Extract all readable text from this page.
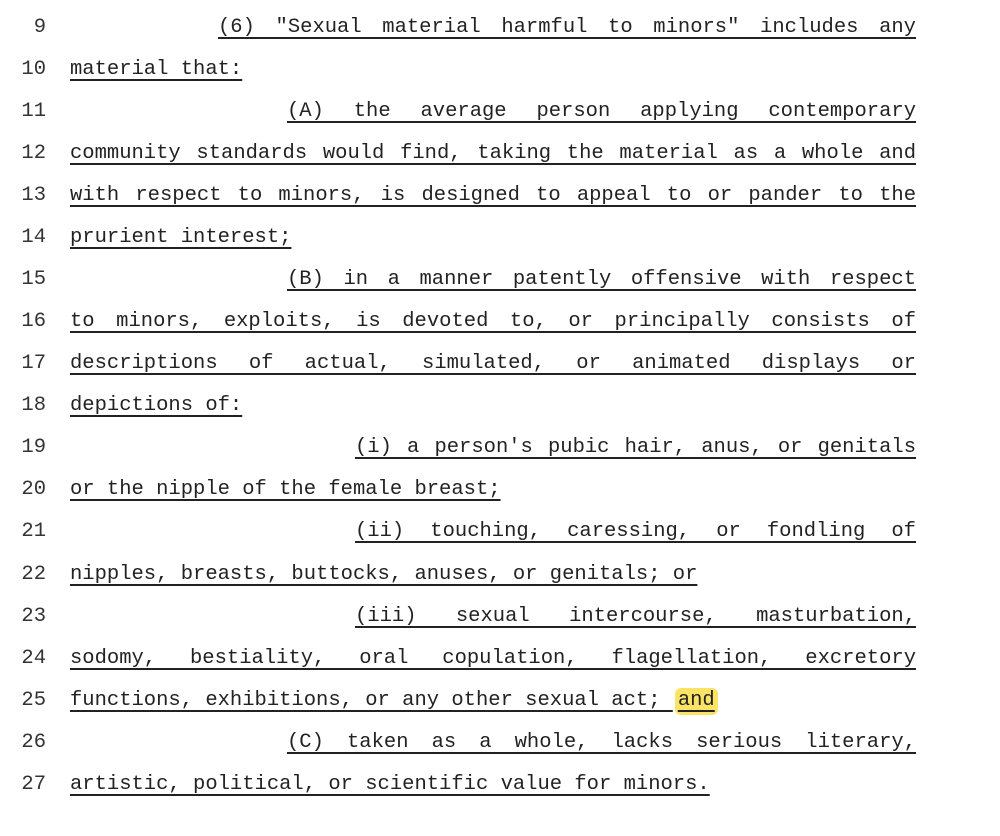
9	(6) "Sexual material harmful to minors" includes any
10 material that:
11	(A) the average person applying contemporary
12 community standards would find, taking the material as a whole and
13 with respect to minors, is designed to appeal to or pander to the
14 prurient interest;
15	(B) in a manner patently offensive with respect
16 to minors, exploits, is devoted to, or principally consists of
17 descriptions of actual, simulated, or animated displays or
18 depictions of:
19	(i) a person's pubic hair, anus, or genitals
20 or the nipple of the female breast;
21	(ii) touching, caressing, or fondling of
22 nipples, breasts, buttocks, anuses, or genitals; or
23	(iii) sexual intercourse, masturbation,
24 sodomy, bestiality, oral copulation, flagellation, excretory
25 functions, exhibitions, or any other sexual act; and
26	(C) taken as a whole, lacks serious literary,
27 artistic, political, or scientific value for minors.
